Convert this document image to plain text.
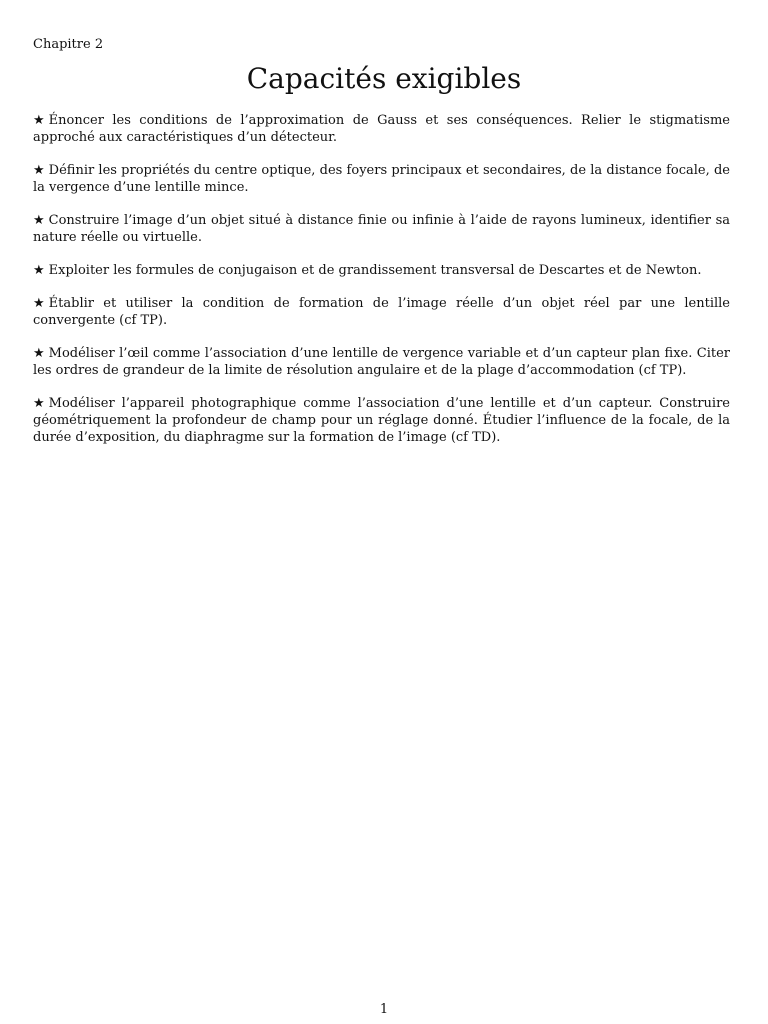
Chapitre 2
Capacités exigibles

★ Énoncer les conditions de l’approximation de Gauss et ses conséquences. Relier le stigmatisme approché aux caractéristiques d’un détecteur.

★ Définir les propriétés du centre optique, des foyers principaux et secondaires, de la distance focale, de la vergence d’une lentille mince.

★ Construire l’image d’un objet situé à distance finie ou infinie à l’aide de rayons lumineux, identifier sa nature réelle ou virtuelle.

★ Exploiter les formules de conjugaison et de grandissement transversal de Descartes et de Newton.

★ Établir et utiliser la condition de formation de l’image réelle d’un objet réel par une lentille convergente (cf TP).

★ Modéliser l’œil comme l’association d’une lentille de vergence variable et d’un capteur plan fixe. Citer les ordres de grandeur de la limite de résolution angulaire et de la plage d’accommodation (cf TP).

★ Modéliser l’appareil photographique comme l’association d’une lentille et d’un capteur. Construire géométriquement la profondeur de champ pour un réglage donné. Étudier l’influence de la focale, de la durée d’exposition, du diaphragme sur la formation de l’image (cf TD).

1
